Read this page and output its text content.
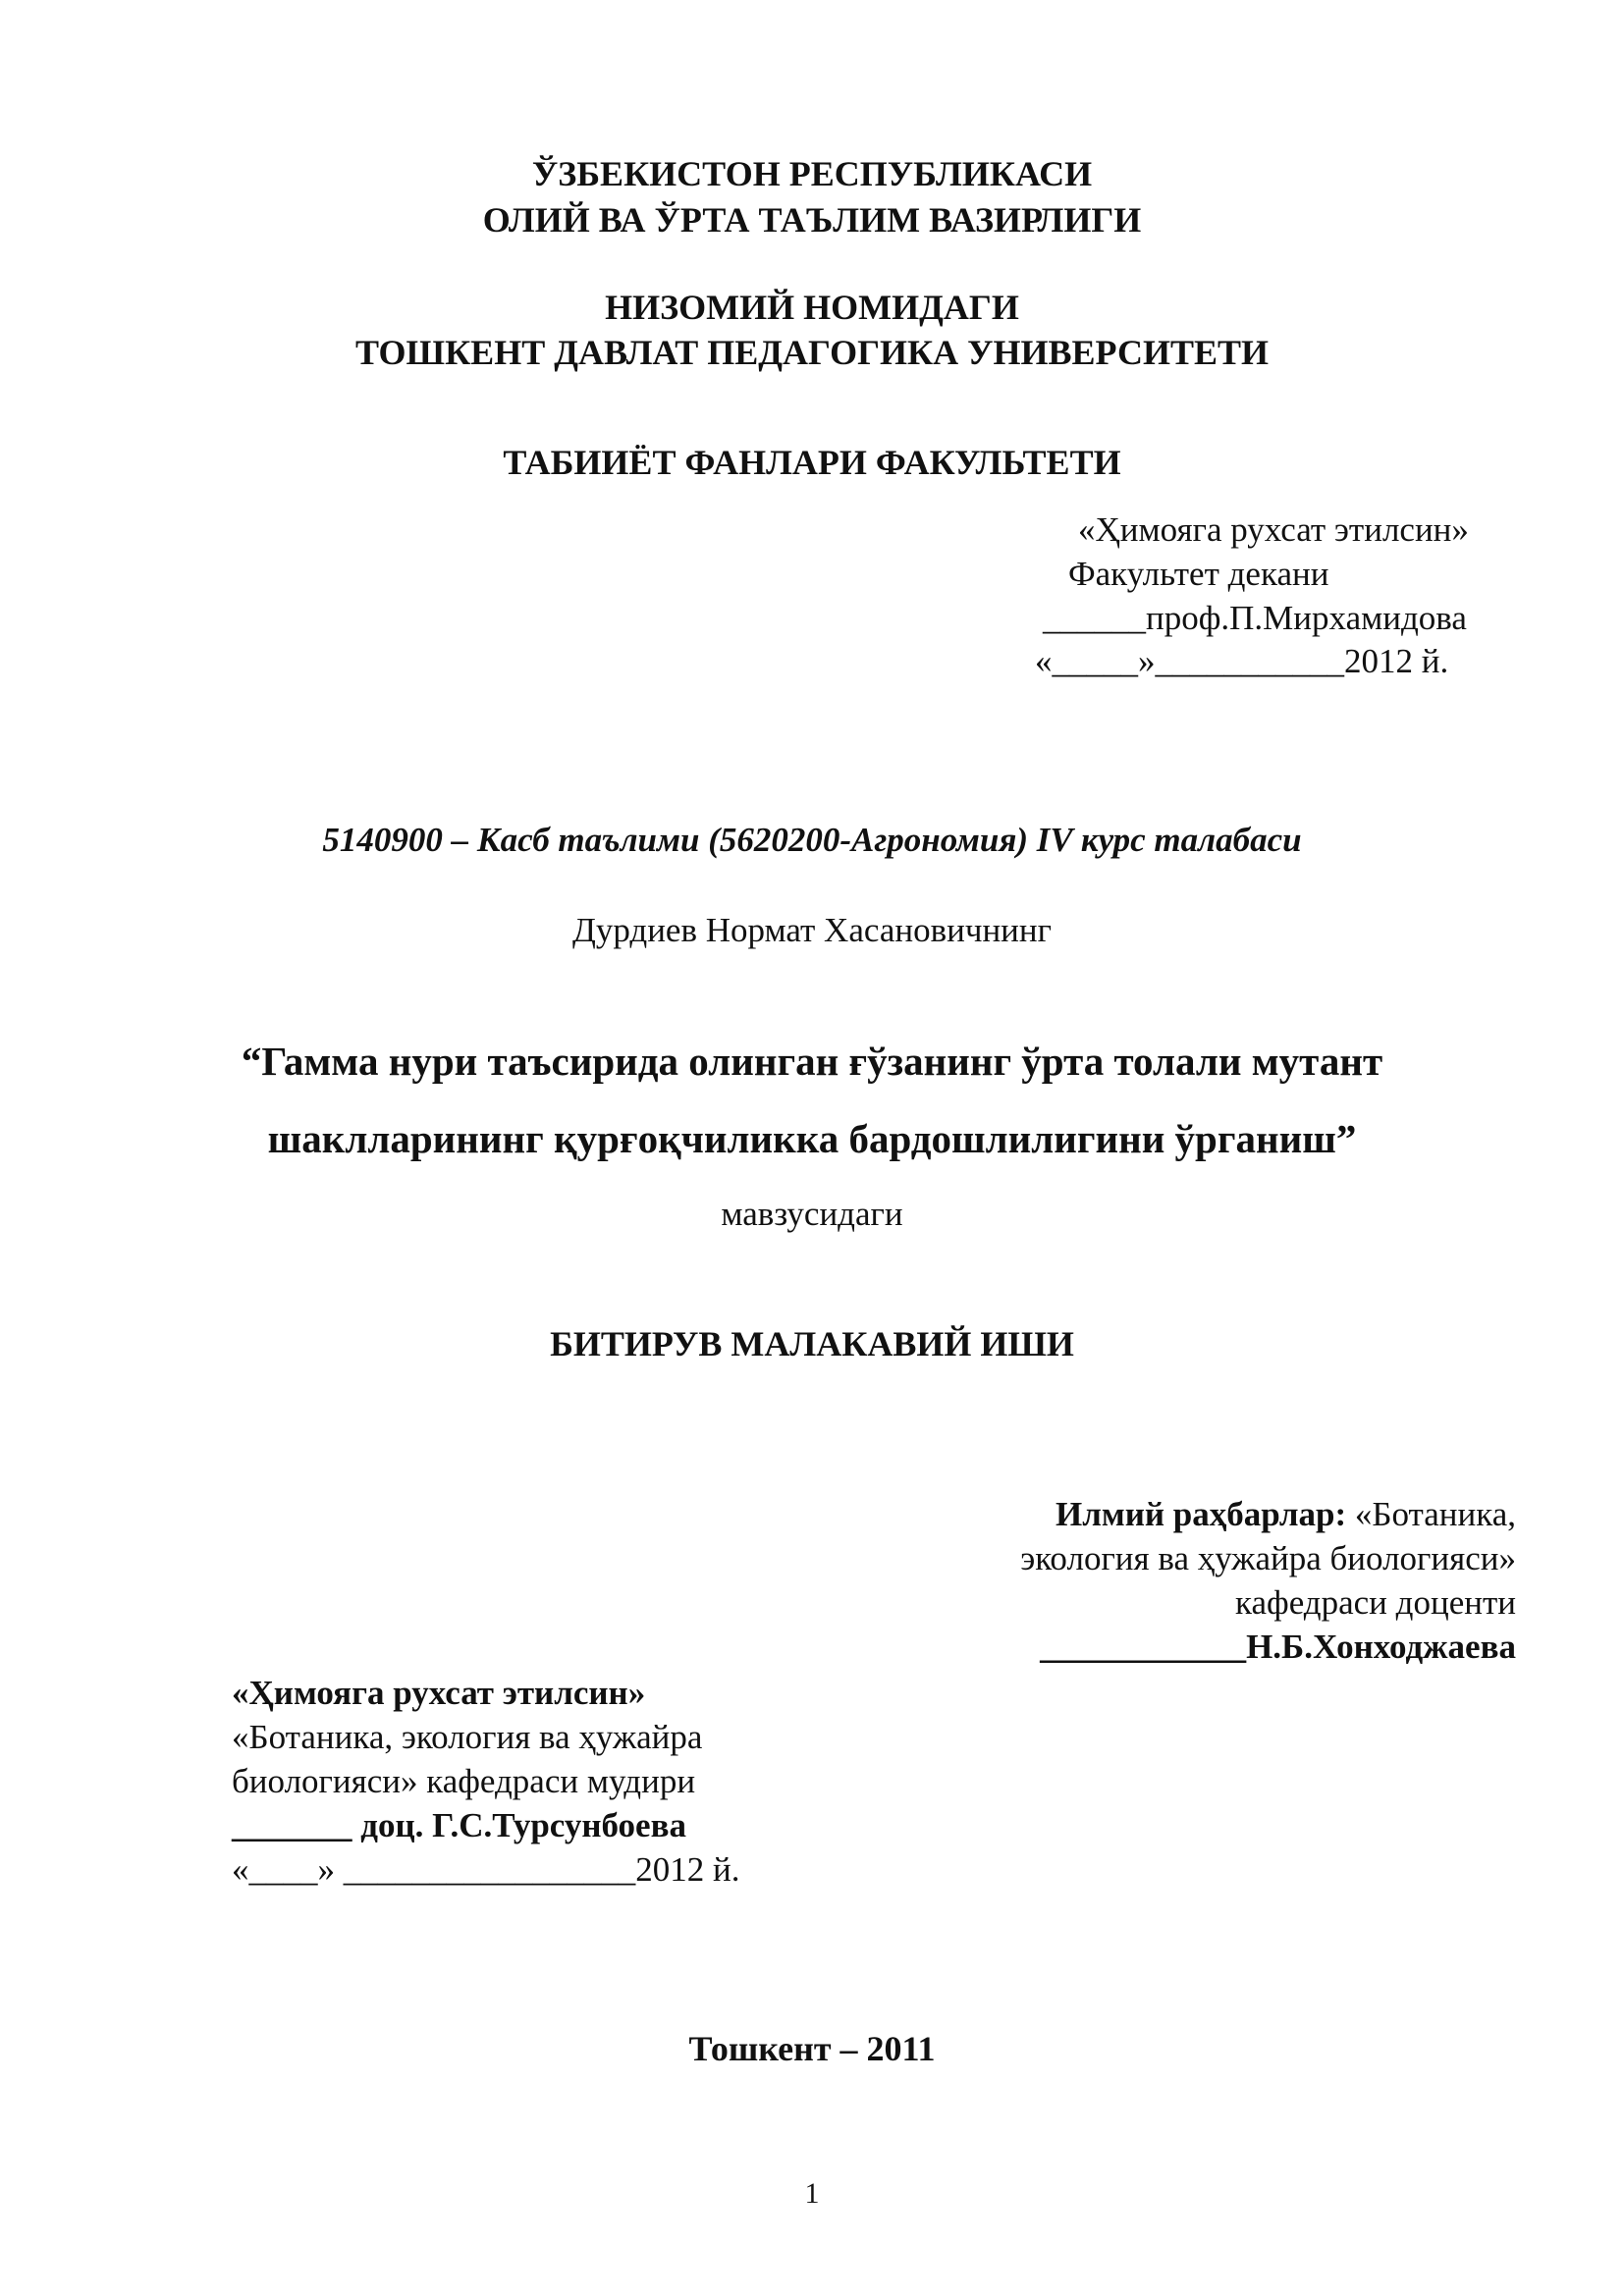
ЎЗБЕКИСТОН РЕСПУБЛИКАСИ
ОЛИЙ ВА ЎРТА ТАЪЛИМ ВАЗИРЛИГИ
НИЗОМИЙ НОМИДАГИ
ТОШКЕНТ ДАВЛАТ ПЕДАГОГИКА УНИВЕРСИТЕТИ
ТАБИИЁТ ФАНЛАРИ ФАКУЛЬТЕТИ
«Ҳимояга рухсат этилсин»
Факультет декани
______проф.П.Мирхамидова
«_____»___________2012 й.
5140900 – Касб таълими (5620200-Агрономия) IV курс талабаси
Дурдиев Нормат Хасановичнинг
“Гамма нури таъсирида олинган ғўзанинг ўрта толали мутант
шаклларининг қурғоқчиликка бардошлилигини ўрганиш”
мавзусидаги
БИТИРУВ МАЛАКАВИЙ ИШИ
Илмий раҳбарлар: «Ботаника,
экология ва ҳужайра биологияси»
кафедраси доценти
____________Н.Б.Хонходжаева
«Ҳимояга рухсат этилсин»
«Ботаника, экология ва ҳужайра
биологияси» кафедраси мудири
_______ доц. Г.С.Турсунбоева
«____» _________________2012 й.
Тошкент – 2011
1
